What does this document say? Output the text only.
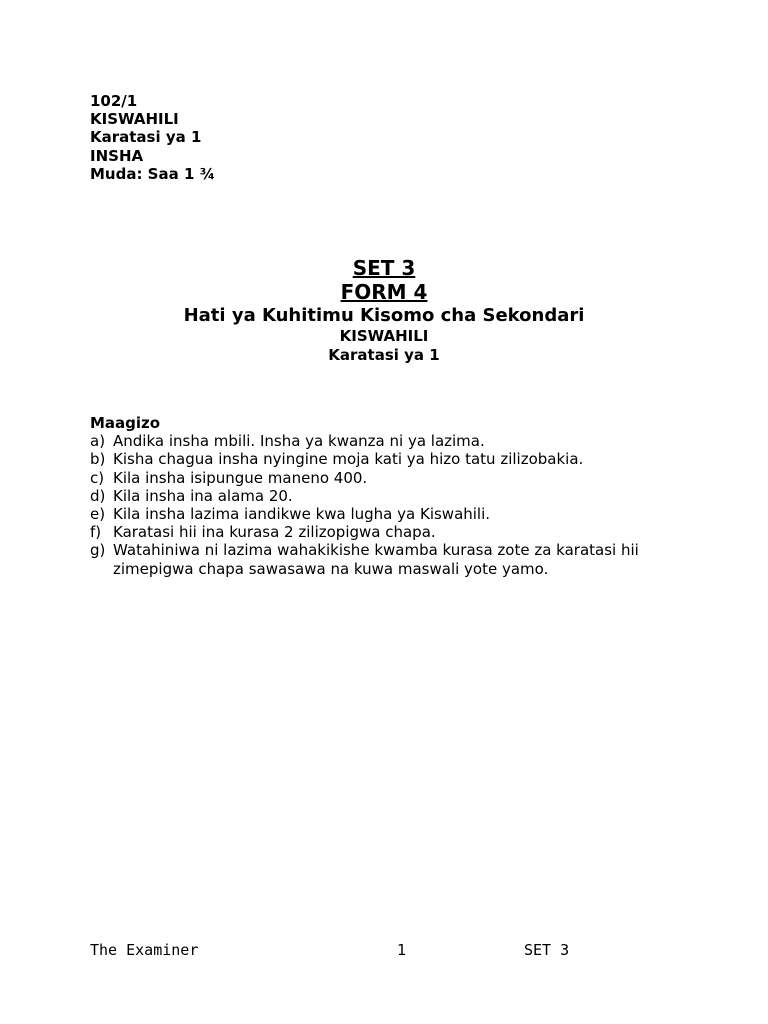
102/1
KISWAHILI
Karatasi ya 1
INSHA
Muda: Saa 1 ¾
SET 3
FORM 4
Hati ya Kuhitimu Kisomo cha Sekondari
KISWAHILI
Karatasi ya 1
Maagizo
a) Andika insha mbili. Insha ya kwanza ni ya lazima.
b) Kisha chagua insha nyingine moja kati ya hizo tatu zilizobakia.
c) Kila insha isipungue maneno 400.
d) Kila insha ina alama 20.
e) Kila insha lazima iandikwe kwa lugha ya Kiswahili.
f) Karatasi hii ina kurasa 2 zilizopigwa chapa.
g) Watahiniwa ni lazima wahakikishe kwamba kurasa zote za karatasi hii zimepigwa chapa sawasawa na kuwa maswali yote yamo.
The Examiner	1	SET 3
